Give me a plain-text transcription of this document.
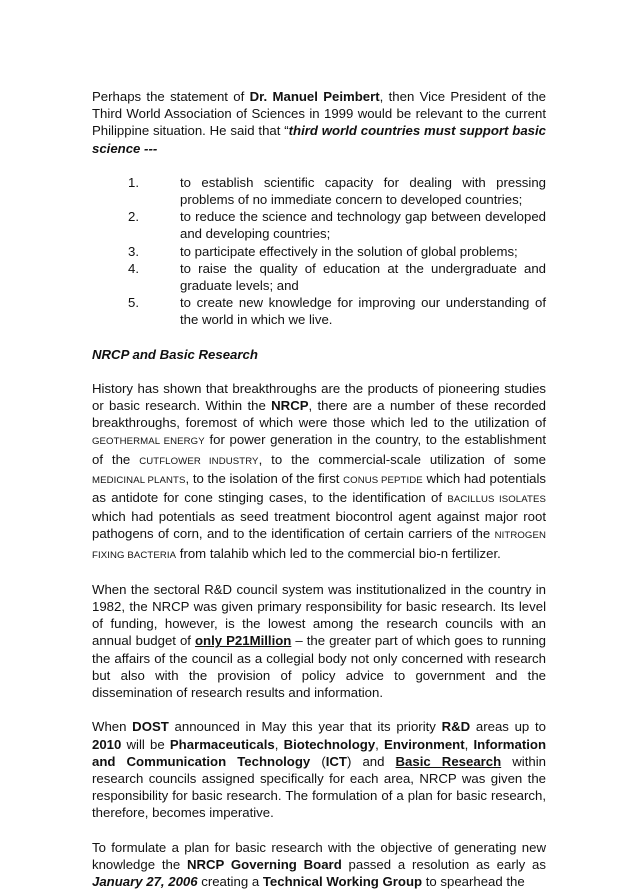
Perhaps the statement of Dr. Manuel Peimbert, then Vice President of the Third World Association of Sciences in 1999 would be relevant to the current Philippine situation. He said that “third world countries must support basic science ---

1.	to establish scientific capacity for dealing with pressing problems of no immediate concern to developed countries;
2.	to reduce the science and technology gap between developed and developing countries;
3.	to participate effectively in the solution of global problems;
4.	to raise the quality of education at the undergraduate and graduate levels; and
5.	to create new knowledge for improving our understanding of the world in which we live.

NRCP and Basic Research

History has shown that breakthroughs are the products of pioneering studies or basic research. Within the NRCP, there are a number of these recorded breakthroughs, foremost of which were those which led to the utilization of GEOTHERMAL ENERGY for power generation in the country, to the establishment of the CUTFLOWER INDUSTRY, to the commercial-scale utilization of some MEDICINAL PLANTS, to the isolation of the first CONUS PEPTIDE which had potentials as antidote for cone stinging cases, to the identification of BACILLUS ISOLATES which had potentials as seed treatment biocontrol agent against major root pathogens of corn, and to the identification of certain carriers of the NITROGEN FIXING BACTERIA from talahib which led to the commercial bio-n fertilizer.

When the sectoral R&D council system was institutionalized in the country in 1982, the NRCP was given primary responsibility for basic research. Its level of funding, however, is the lowest among the research councils with an annual budget of only P21Million – the greater part of which goes to running the affairs of the council as a collegial body not only concerned with research but also with the provision of policy advice to government and the dissemination of research results and information.

When DOST announced in May this year that its priority R&D areas up to 2010 will be Pharmaceuticals, Biotechnology, Environment, Information and Communication Technology (ICT) and Basic Research within research councils assigned specifically for each area, NRCP was given the responsibility for basic research. The formulation of a plan for basic research, therefore, becomes imperative.

To formulate a plan for basic research with the objective of generating new knowledge the NRCP Governing Board passed a resolution as early as January 27, 2006 creating a Technical Working Group to spearhead the
